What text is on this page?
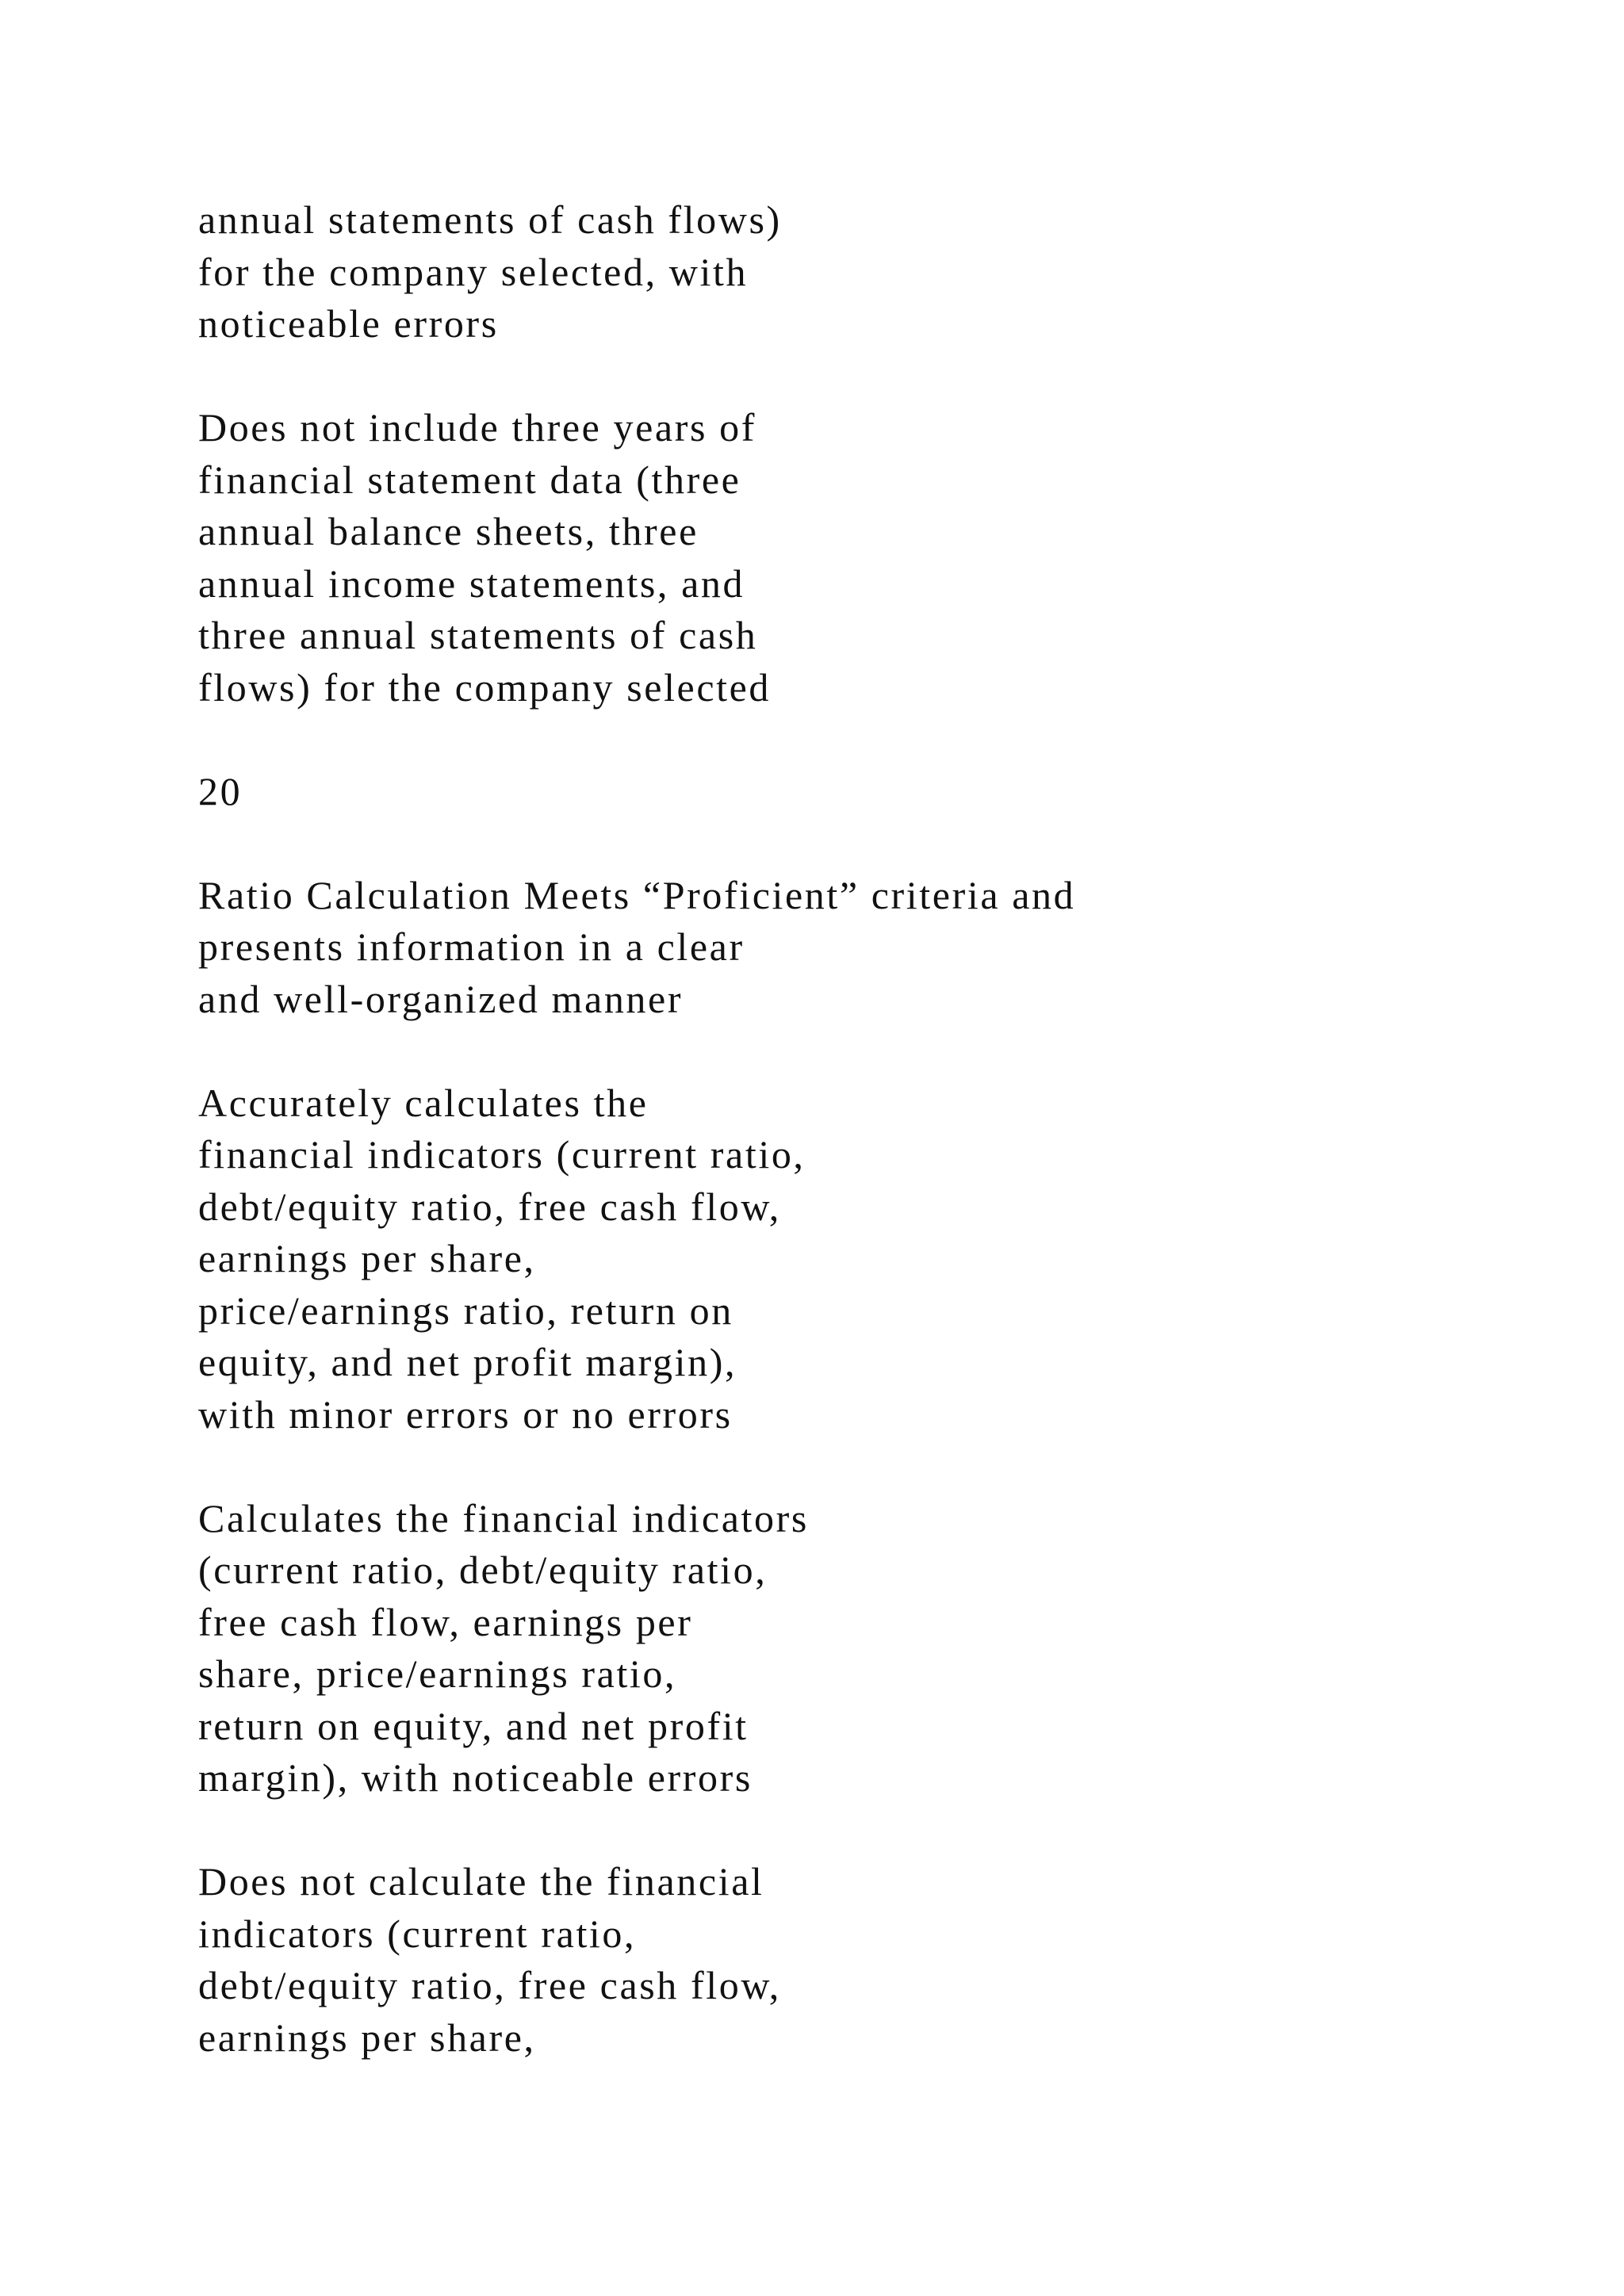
annual statements of cash flows)
for the company selected, with
noticeable errors
Does not include three years of
financial statement data (three
annual balance sheets, three
annual income statements, and
three annual statements of cash
flows) for the company selected
20
Ratio Calculation Meets “Proficient” criteria and
presents information in a clear
and well-organized manner
Accurately calculates the
financial indicators (current ratio,
debt/equity ratio, free cash flow,
earnings per share,
price/earnings ratio, return on
equity, and net profit margin),
with minor errors or no errors
Calculates the financial indicators
(current ratio, debt/equity ratio,
free cash flow, earnings per
share, price/earnings ratio,
return on equity, and net profit
margin), with noticeable errors
Does not calculate the financial
indicators (current ratio,
debt/equity ratio, free cash flow,
earnings per share,
